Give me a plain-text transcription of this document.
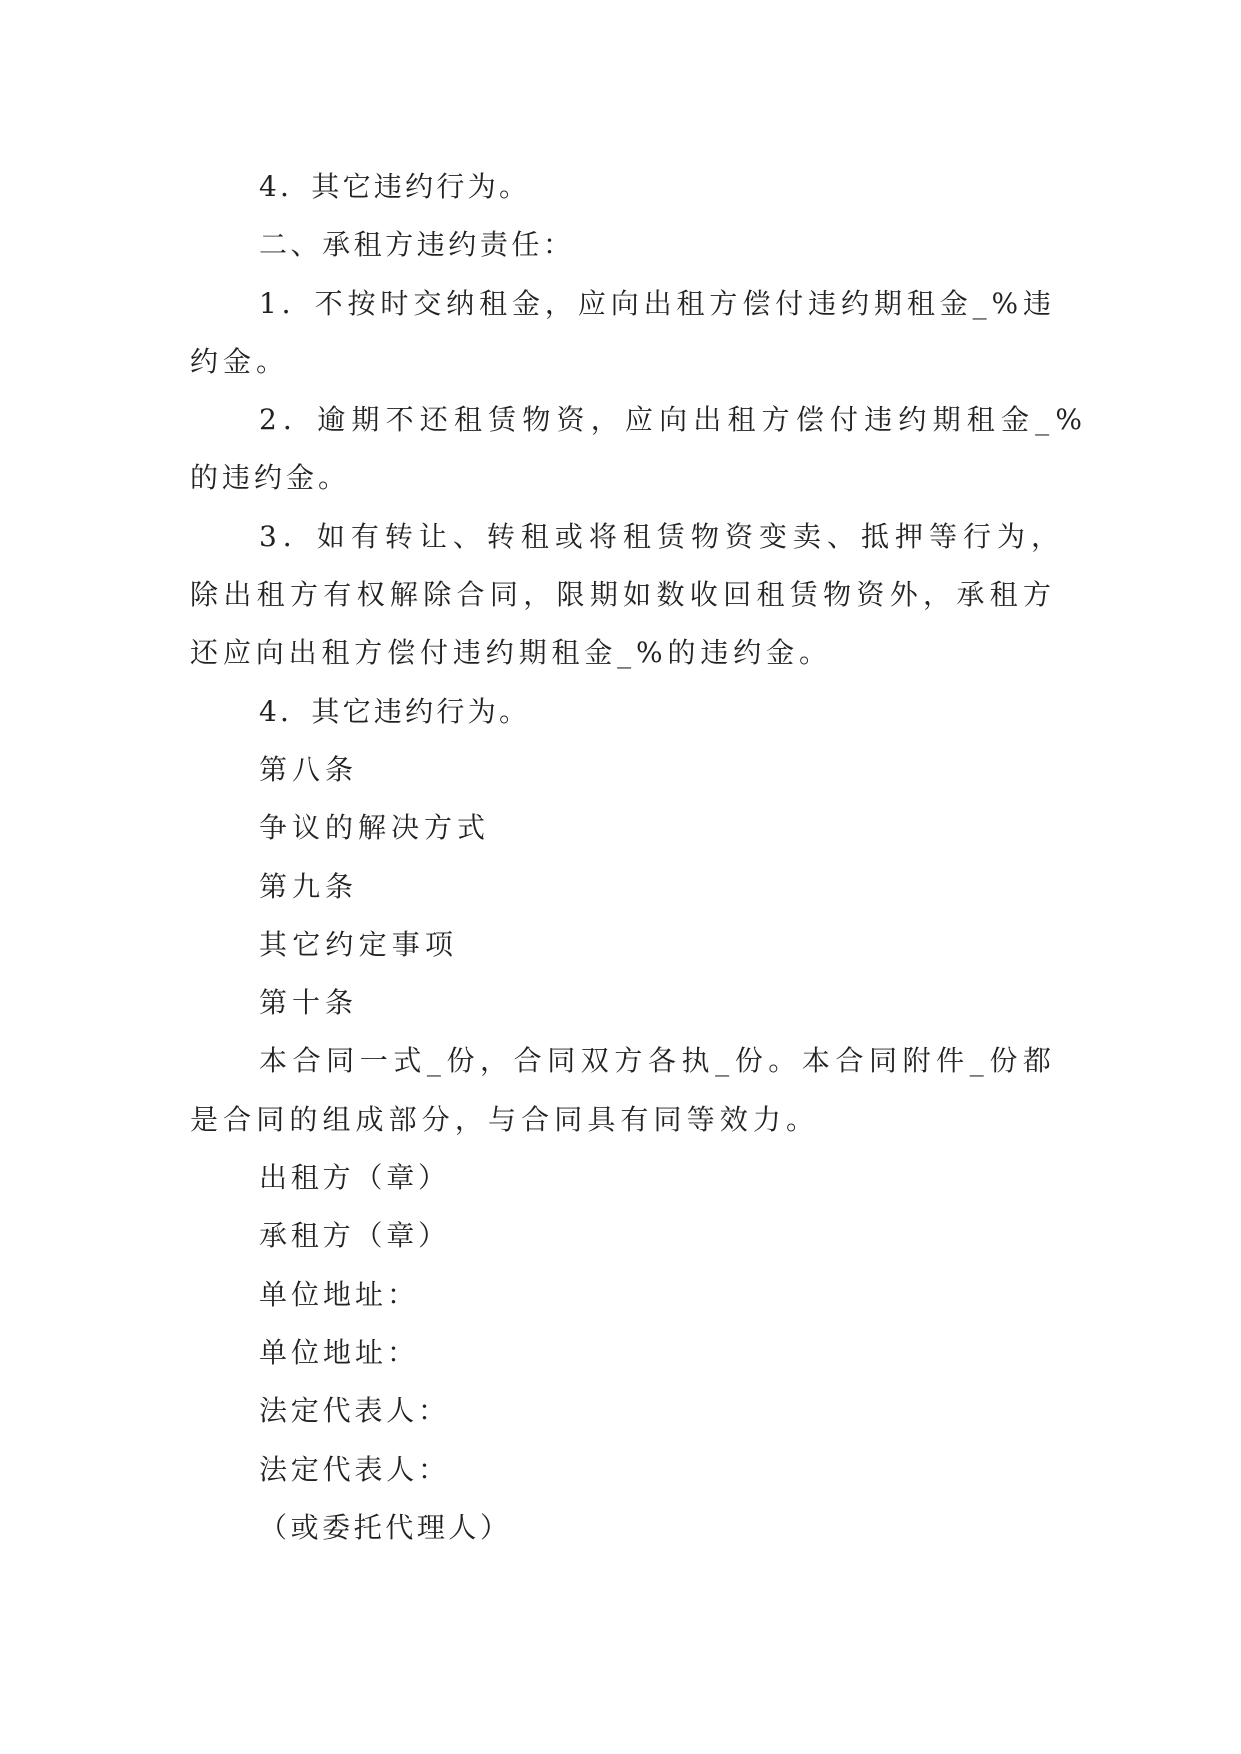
4．其它违约行为。
二、承租方违约责任：
1．不按时交纳租金，应向出租方偿付违约期租金_%违
约金。
2．逾期不还租赁物资，应向出租方偿付违约期租金_%
的违约金。
3．如有转让、转租或将租赁物资变卖、抵押等行为，
除出租方有权解除合同，限期如数收回租赁物资外，承租方
还应向出租方偿付违约期租金_%的违约金。
4．其它违约行为。
第八条
争议的解决方式
第九条
其它约定事项
第十条
本合同一式_份，合同双方各执_份。本合同附件_份都
是合同的组成部分，与合同具有同等效力。
出租方（章）
承租方（章）
单位地址：
单位地址：
法定代表人：
法定代表人：
（或委托代理人）
